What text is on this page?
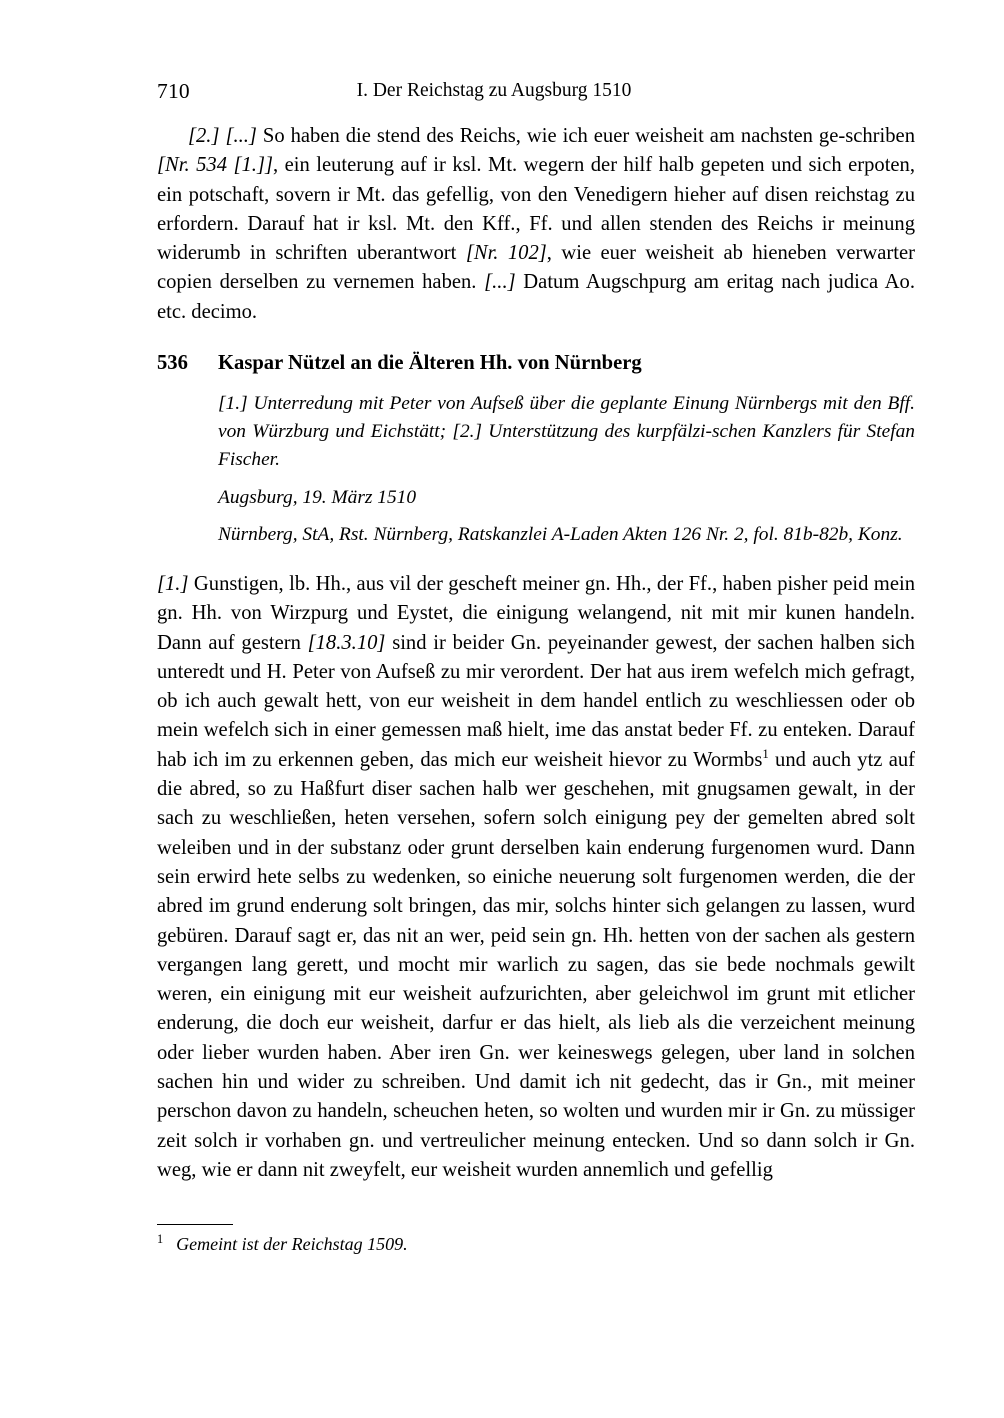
710	I. Der Reichstag zu Augsburg 1510

[2.] [...] So haben die stend des Reichs, wie ich euer weisheit am nachsten ge-schriben [Nr. 534 [1.]], ein leuterung auf ir ksl. Mt. wegern der hilf halb gepeten und sich erpoten, ein potschaft, sovern ir Mt. das gefellig, von den Venedigern hieher auf disen reichstag zu erfordern. Darauf hat ir ksl. Mt. den Kff., Ff. und allen stenden des Reichs ir meinung widerumb in schriften uberantwort [Nr. 102], wie euer weisheit ab hieneben verwarter copien derselben zu vernemen haben. [...] Datum Augschpurg am eritag nach judica Ao. etc. decimo.

536 Kaspar Nützel an die Älteren Hh. von Nürnberg

[1.] Unterredung mit Peter von Aufseß über die geplante Einung Nürnbergs mit den Bff. von Würzburg und Eichstätt; [2.] Unterstützung des kurpfälzi-schen Kanzlers für Stefan Fischer.

Augsburg, 19. März 1510

Nürnberg, StA, Rst. Nürnberg, Ratskanzlei A-Laden Akten 126 Nr. 2, fol. 81b-82b, Konz.

[1.] Gunstigen, lb. Hh., aus vil der gescheft meiner gn. Hh., der Ff., haben pisher peid mein gn. Hh. von Wirzpurg und Eystet, die einigung welangend, nit mit mir kunen handeln. Dann auf gestern [18.3.10] sind ir beider Gn. peyeinander gewest, der sachen halben sich unteredt und H. Peter von Aufseß zu mir verordent. Der hat aus irem wefelch mich gefragt, ob ich auch gewalt hett, von eur weisheit in dem handel entlich zu weschliessen oder ob mein wefelch sich in einer gemessen maß hielt, ime das anstat beder Ff. zu enteken. Darauf hab ich im zu erkennen geben, das mich eur weisheit hievor zu Wormbs$^1$ und auch ytz auf die abred, so zu Haßfurt diser sachen halb wer geschehen, mit gnugsamen gewalt, in der sach zu weschließen, heten versehen, sofern solch einigung pey der gemelten abred solt weleiben und in der substanz oder grunt derselben kain enderung furgenomen wurd. Dann sein erwird hete selbs zu wedenken, so einiche neuerung solt furgenomen werden, die der abred im grund enderung solt bringen, das mir, solchs hinter sich gelangen zu lassen, wurd gebüren. Darauf sagt er, das nit an wer, peid sein gn. Hh. hetten von der sachen als gestern vergangen lang gerett, und mocht mir warlich zu sagen, das sie bede nochmals gewilt weren, ein einigung mit eur weisheit aufzurichten, aber geleichwol im grunt mit etlicher enderung, die doch eur weisheit, darfur er das hielt, als lieb als die verzeichent meinung oder lieber wurden haben. Aber iren Gn. wer keineswegs gelegen, uber land in solchen sachen hin und wider zu schreiben. Und damit ich nit gedecht, das ir Gn., mit meiner perschon davon zu handeln, scheuchen heten, so wolten und wurden mir ir Gn. zu müssiger zeit solch ir vorhaben gn. und vertreulicher meinung entecken. Und so dann solch ir Gn. weg, wie er dann nit zweyfelt, eur weisheit wurden annemlich und gefellig

$^1$ Gemeint ist der Reichstag 1509.
